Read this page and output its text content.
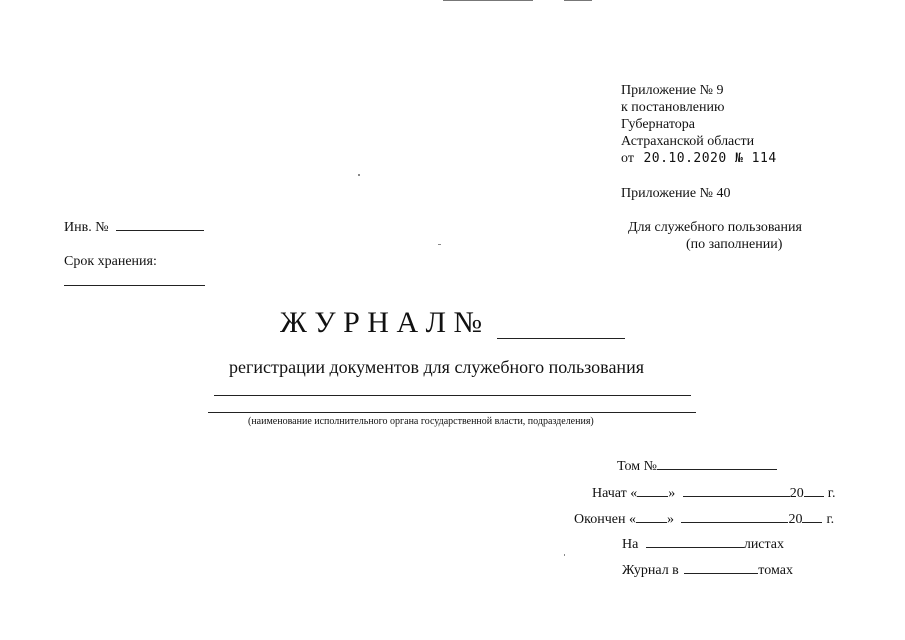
Приложение № 9
к постановлению
Губернатора
Астраханской области
от 20.10.2020 № 114
Приложение № 40
Для служебного пользования
(по заполнении)
Инв. №
Срок хранения:
Ж У Р Н А Л №
регистрации документов для служебного пользования
(наименование исполнительного органа государственной власти, подразделения)
Том №
Начат « »	20 г.
Окончен « »	20 г.
На	листах
Журнал в	томах
